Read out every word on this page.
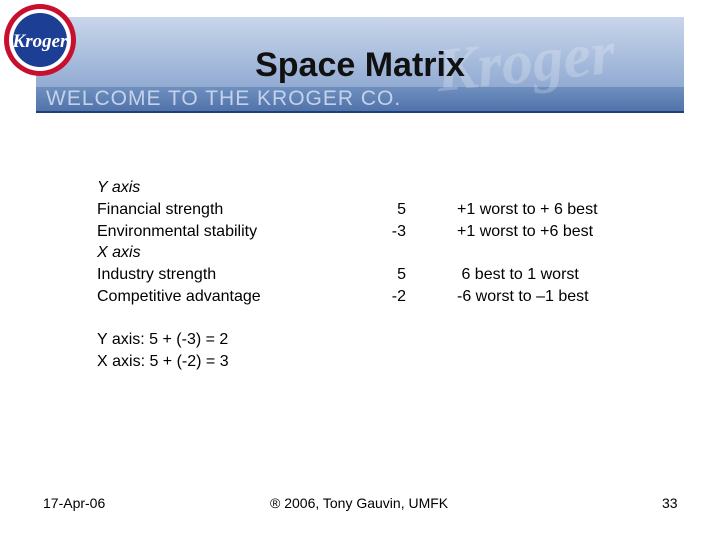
WELCOME TO THE KROGER CO. Kroger
Kroger
Space Matrix
Y axis
Financial strength	5	+1 worst to + 6 best
Environmental stability	-3	+1 worst to +6 best
X axis
Industry strength	5	6 best to 1 worst
Competitive advantage	-2	-6 worst to –1 best
Y axis: 5 + (-3) = 2
X axis: 5 + (-2) = 3
17-Apr-06	® 2006, Tony Gauvin, UMFK	33
